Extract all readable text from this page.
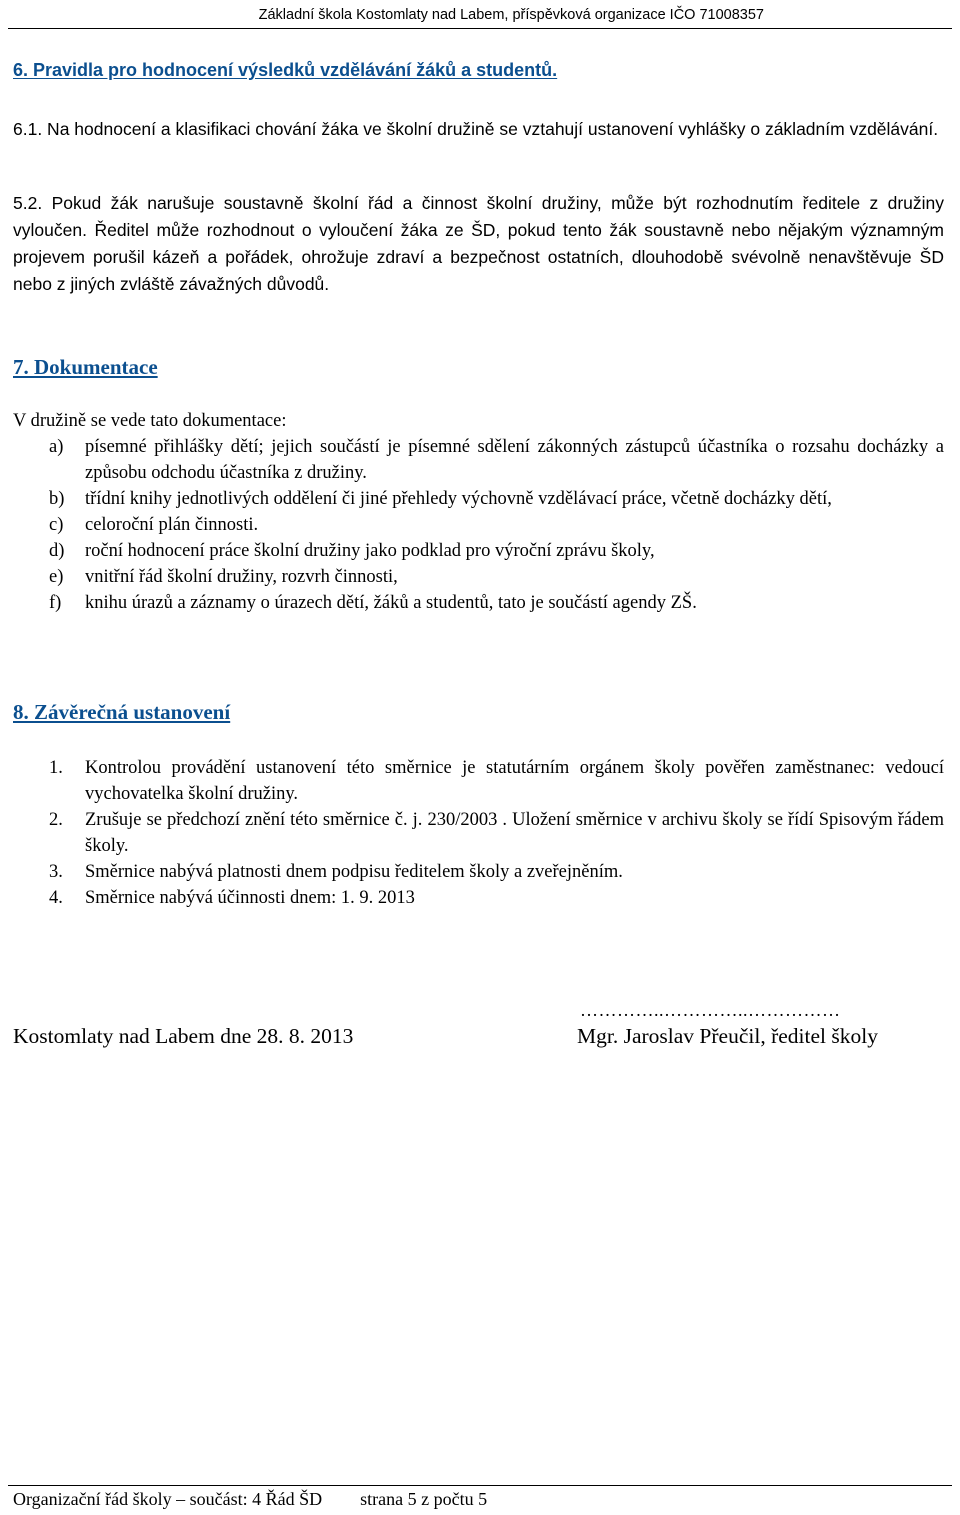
Základní škola Kostomlaty nad Labem, příspěvková organizace IČO 71008357
6. Pravidla pro hodnocení výsledků vzdělávání žáků a studentů.
6.1. Na hodnocení a klasifikaci chování žáka ve školní družině se vztahují ustanovení vyhlášky o základním vzdělávání.
5.2. Pokud žák narušuje soustavně školní řád a činnost školní družiny, může být rozhodnutím ředitele z družiny vyloučen. Ředitel může rozhodnout o vyloučení žáka ze ŠD, pokud tento žák soustavně nebo nějakým významným projevem porušil kázeň a pořádek, ohrožuje zdraví a bezpečnost ostatních, dlouhodobě svévolně nenavštěvuje ŠD nebo z jiných zvláště závažných důvodů.
7. Dokumentace
V družině se vede tato dokumentace:
a) písemné přihlášky dětí; jejich součástí je písemné sdělení zákonných zástupců účastníka o rozsahu docházky a způsobu odchodu účastníka z družiny.
b) třídní knihy jednotlivých oddělení či jiné přehledy výchovně vzdělávací práce, včetně docházky dětí,
c) celoroční plán činnosti.
d) roční hodnocení práce školní družiny jako podklad pro výroční zprávu školy,
e) vnitřní řád školní družiny, rozvrh činnosti,
f) knihu úrazů a záznamy o úrazech dětí, žáků a studentů, tato je součástí agendy ZŠ.
8. Závěrečná ustanovení
1. Kontrolou provádění ustanovení této směrnice je statutárním orgánem školy pověřen zaměstnanec: vedoucí vychovatelka školní družiny.
2. Zrušuje se předchozí znění této směrnice č. j. 230/2003 . Uložení směrnice v archivu školy se řídí Spisovým řádem školy.
3. Směrnice nabývá platnosti dnem podpisu ředitelem školy a zveřejněním.
4. Směrnice nabývá účinnosti dnem: 1. 9. 2013
…………..…………..……………
Kostomlaty nad Labem dne 28. 8. 2013	Mgr. Jaroslav Přeučil, ředitel školy
Organizační řád školy – součást: 4 Řád ŠD strana 5 z počtu 5
